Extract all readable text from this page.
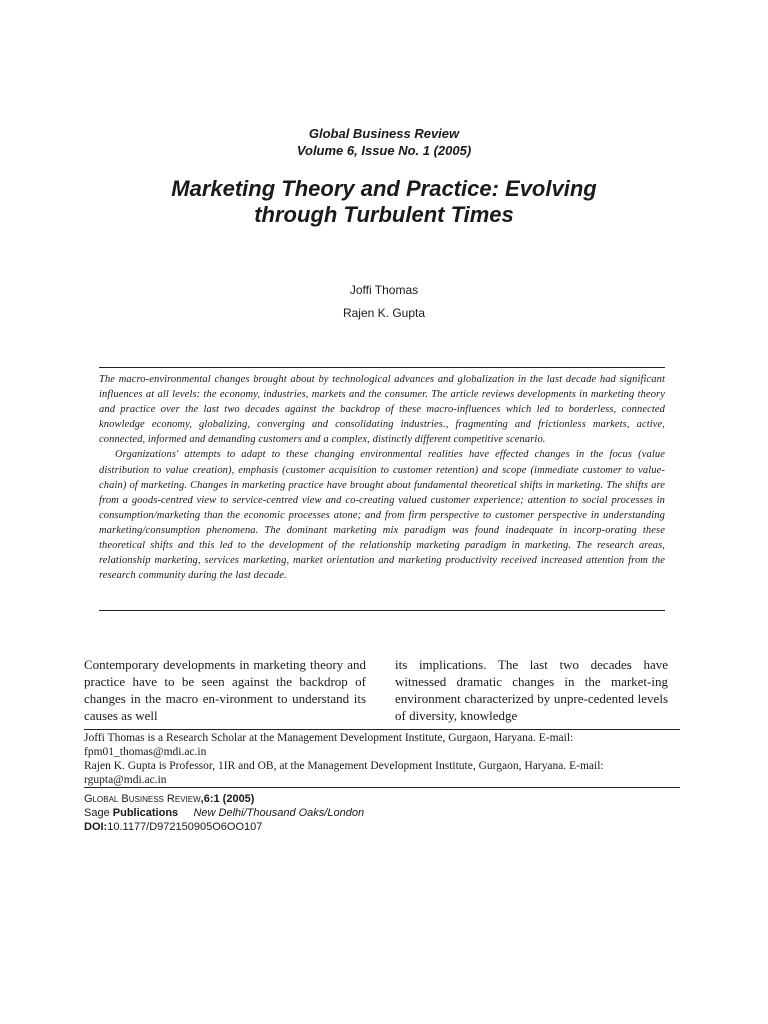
Global Business Review
Volume 6, Issue No. 1 (2005)
Marketing Theory and Practice: Evolving
through Turbulent Times
Joffi Thomas
Rajen K. Gupta

The macro-environmental changes brought about by technological advances and globalization in the last decade had significant influences at all levels: the economy, industries, markets and the consumer. The article reviews developments in marketing theory and practice over the last two decades against the backdrop of these macro-influences which led to borderless, connected knowledge economy, globalizing, converging and consolidating industries., fragmenting and frictionless markets, active, connected, informed and demanding customers and a complex, distinctly different competitive scenario.

Organizations' attempts to adapt to these changing environmental realities have effected changes in the focus (value distribution to value creation), emphasis (customer acquisition to customer retention) and scope (immediate customer to value-chain) of marketing. Changes in marketing practice have brought about fundamental theoretical shifts in marketing. The shifts are from a goods-centred view to service-centred view and co-creating valued customer experience; attention to social processes in consumption/marketing than the economic processes atone; and from firm perspective to customer perspective in understanding marketing/consumption phenomena. The dominant marketing mix paradigm was found inadequate in incorp-orating these theoretical shifts and this led to the development of the relationship marketing paradigm in marketing. The research areas, relationship marketing, services marketing, market orientation and marketing productivity received increased attention from the research community during the last decade.

Contemporary developments in marketing theory and practice have to be seen against the backdrop of changes in the macro en-vironment to understand its causes as well
its implications. The last two decades have witnessed dramatic changes in the market-ing environment characterized by unpre-cedented levels of diversity, knowledge

Joffi Thomas is a Research Scholar at the Management Development Institute, Gurgaon, Haryana. E-mail:

fpm01_thomas@mdi.ac.in

Rajen K. Gupta is Professor, 1IR and OB, at the Management Development Institute, Gurgaon, Haryana. E-mail:

rgupta@mdi.ac.in

Global Business Review,6:1 (2005)
Sage Publications New Delhi/Thousand Oaks/London
DOI:10.1177/D972150905O6OO107
